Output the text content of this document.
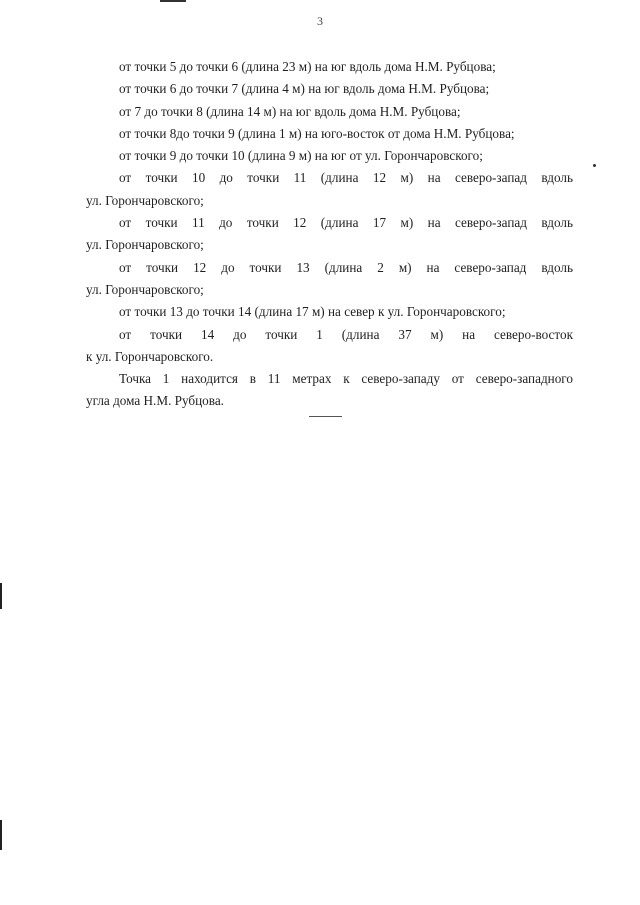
3

от точки 5 до точки 6 (длина 23 м) на юг вдоль дома Н.М. Рубцова;

от точки 6 до точки 7 (длина 4 м) на юг вдоль дома Н.М. Рубцова;

от 7 до точки 8 (длина 14 м) на юг вдоль дома Н.М. Рубцова;

от точки 8до точки 9 (длина 1 м) на юго-восток от дома Н.М. Рубцова;

от точки 9 до точки 10 (длина 9 м) на юг от ул. Горончаровского;

от точки 10 до точки 11 (длина 12 м) на северо-запад вдоль
ул. Горончаровского;
от точки 11 до точки 12 (длина 17 м) на северо-запад вдоль
ул. Горончаровского;
от точки 12 до точки 13 (длина 2 м) на северо-запад вдоль
ул. Горончаровского;

от точки 13 до точки 14 (длина 17 м) на север к ул. Горончаровского;

от точки 14 до точки 1 (длина 37 м) на северо-восток
к ул. Горончаровского.
Точка 1 находится в 11 метрах к северо-западу от северо-западного
угла дома Н.М. Рубцова.
